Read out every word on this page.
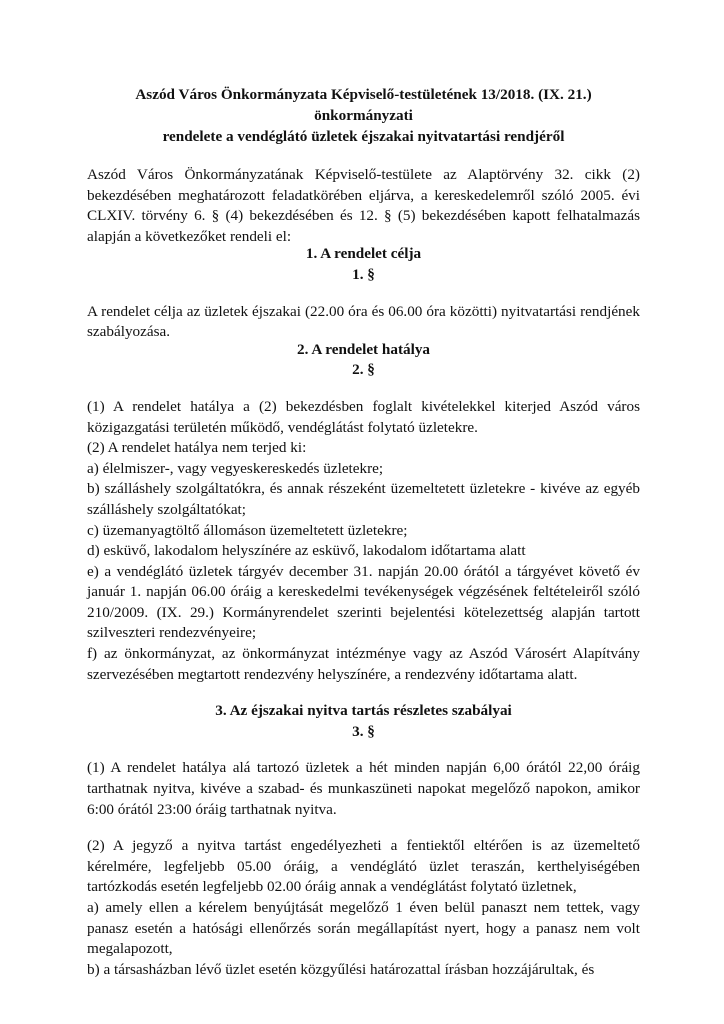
Aszód Város Önkormányzata Képviselő-testületének 13/2018. (IX. 21.) önkormányzati
rendelete a vendéglátó üzletek éjszakai nyitvatartási rendjéről

Aszód Város Önkormányzatának Képviselő-testülete az Alaptörvény 32. cikk (2) bekezdésében meghatározott feladatkörében eljárva, a kereskedelemről szóló 2005. évi CLXIV. törvény 6. § (4) bekezdésében és 12. § (5) bekezdésében kapott felhatalmazás alapján a következőket rendeli el:

1. A rendelet célja
1. §

A rendelet célja az üzletek éjszakai (22.00 óra és 06.00 óra közötti) nyitvatartási rendjének szabályozása.

2. A rendelet hatálya
2. §

(1) A rendelet hatálya a (2) bekezdésben foglalt kivételekkel kiterjed Aszód város közigazgatási területén működő, vendéglátást folytató üzletekre.

(2) A rendelet hatálya nem terjed ki:

a) élelmiszer-, vagy vegyeskereskedés üzletekre;

b) szálláshely szolgáltatókra, és annak részeként üzemeltetett üzletekre - kivéve az egyéb szálláshely szolgáltatókat;

c) üzemanyagtöltő állomáson üzemeltetett üzletekre;

d) esküvő, lakodalom helyszínére az esküvő, lakodalom időtartama alatt

e) a vendéglátó üzletek tárgyév december 31. napján 20.00 órától a tárgyévet követő év január 1. napján 06.00 óráig a kereskedelmi tevékenységek végzésének feltételeiről szóló 210/2009. (IX. 29.) Kormányrendelet szerinti bejelentési kötelezettség alapján tartott szilveszteri rendezvényeire;

f) az önkormányzat, az önkormányzat intézménye vagy az Aszód Városért Alapítvány szervezésében megtartott rendezvény helyszínére, a rendezvény időtartama alatt.

3. Az éjszakai nyitva tartás részletes szabályai
3. §

(1) A rendelet hatálya alá tartozó üzletek a hét minden napján 6,00 órától 22,00 óráig tarthatnak nyitva, kivéve a szabad- és munkaszüneti napokat megelőző napokon, amikor 6:00 órától 23:00 óráig tarthatnak nyitva.

(2) A jegyző a nyitva tartást engedélyezheti a fentiektől eltérően is az üzemeltető kérelmére, legfeljebb 05.00 óráig, a vendéglátó üzlet teraszán, kerthelyiségében tartózkodás esetén legfeljebb 02.00 óráig annak a vendéglátást folytató üzletnek,

a) amely ellen a kérelem benyújtását megelőző 1 éven belül panaszt nem tettek, vagy panasz esetén a hatósági ellenőrzés során megállapítást nyert, hogy a panasz nem volt megalapozott,

b) a társasházban lévő üzlet esetén közgyűlési határozattal írásban hozzájárultak, és
